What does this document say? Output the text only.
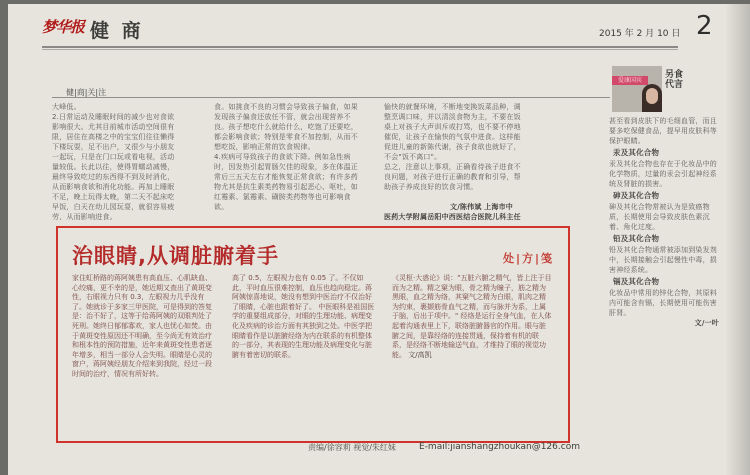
梦华报 健 商	2015 年 2 月 10 日 2
健|商|关|注
爱康国宾
另食代言
大峰低。
2.日常运动及睡眠时间的减少也对食欲影响很大。尤其目前城市活动空间很有限，居住在高楼之中的宝宝们往往懒得下楼玩耍，足不出户，又很少与小朋友一起玩，只是在门口玩或看电视，活动量较低。长此以往，使得胃蠕动减慢，最终导致吃过的东西得不到及时消化，从而影响食欲和消化功能。再加上睡眠不足，晚上玩得太晚，第二天不起床吃早饭，白天在幼儿园玩耍，就很容易疲劳，从而影响进食。
食。如挑食不良的习惯会导致孩子偏食，如果发现孩子偏食还放任不管，就会出现营养不良。孩子想吃什么就给什么，吃饱了还要吃，都会影响食欲；特别是零食不加控制，从而不想吃饭，影响正常的饮食规律。
4.疾病可导致孩子的食欲下降。例如急性病时，因发热引起胃肠欠佳的现象，多在体温正常后三五天左右才能恢复正常食欲；有许多药物尤其是抗生素类药物易引起恶心、呕吐，如红霉素、氯霉素、磺胺类药物等也可影响食欲。
愉快的就餐环境，不断地变换饭菜品种，调整烹调口味，并以清淡食物为主，不要在饭桌上对孩子大声训斥或打骂，也不要不停地催促，让孩子在愉快的气氛中进食。这样能促进儿童的新陈代谢，孩子食欲也就好了，不会"饭不离口"。
总之，注意以上事项，正确看待孩子进食不良问题，对孩子进行正确的教育和引导，帮助孩子养成良好的饮食习惯。
文/陈伟斌 上海市中
医药大学附属岳阳中西医结合医院儿科主任
治眼睛,从调脏腑着手	处|方|笺
家住虹桥路的蒋阿姨患有高血压、心肌缺血、心绞痛，更不幸的是，她近期又查出了黄斑变性，右眼视力只有 0.3，左眼视力几乎没有了。她就诊于多家三甲医院，可是得到的答复是：治不好了，这等于给蒋阿姨的双眼判处了死刑。她终日郁郁寡欢，家人也忧心如焚。由于黄斑变性原因还不明确，至今尚无有效治疗和根本性的预防措施，近年来黄斑变性患者逐年增多，相当一部分人会失明。眼睛是心灵的窗户，蒋阿姨经朋友介绍来到我院，经过一段时间的治疗，情况有所好转。
高了 0.5，左眼视力也有 0.05 了。不仅如此，平时血压很难控制，血压也趋向稳定。蒋阿姨惊喜地说，她没有想到中医治疗不仅治好了眼睛，心脏也跟着好了。 中医眼科是祖国医学的重要组成部分，对眼的生理功能、病理变化及疾病的诊治方面有其独到之处。中医学把眼睛看作是以脏腑经络为内在联系的有机整体的一部分，其表现的生理功能及病理变化与脏腑有着密切的联系。
《灵枢·大惑论》说："五脏六腑之精气，皆上注于目而为之精。精之窠为眼，骨之精为瞳子，筋之精为黑眼，血之精为络，其窠气之精为白眼，肌肉之精为约束，裹撷筋骨血气之精，而与脉并为系，上属于脑，后出于项中。" 经络是运行全身气血，在人体起着沟通表里上下，联络脏腑器官的作用。眼与脏腑之间，是靠经络的连接贯通，保持着有机的联系，是经络不断地输送气血，才维持了眼的视觉功能。 文/高凯
甚至看到皮肤下的毛细血管，而且要多吃保健食品，提早用皮肤科等保护眼睛。
汞及其化合物
汞及其化合物也存在于化妆品中的化学物质，过量的汞会引起神经系统及肾脏的损害。
砷及其化合物
砷及其化合物常被认为是致癌物质，长期使用会导致皮肤色素沉着、角化过度。
铅及其化合物
铅及其化合物通常被添加到染发剂中，长期接触会引起慢性中毒，损害神经系统。
镉及其化合物
化妆品中常用的锌化合物，其原料内可能含有镉，长期使用可能伤害肝肾。
文/一叶
责编/徐容莉 视觉/朱红妹	E-mail:jianshangzhoukan@126.com
